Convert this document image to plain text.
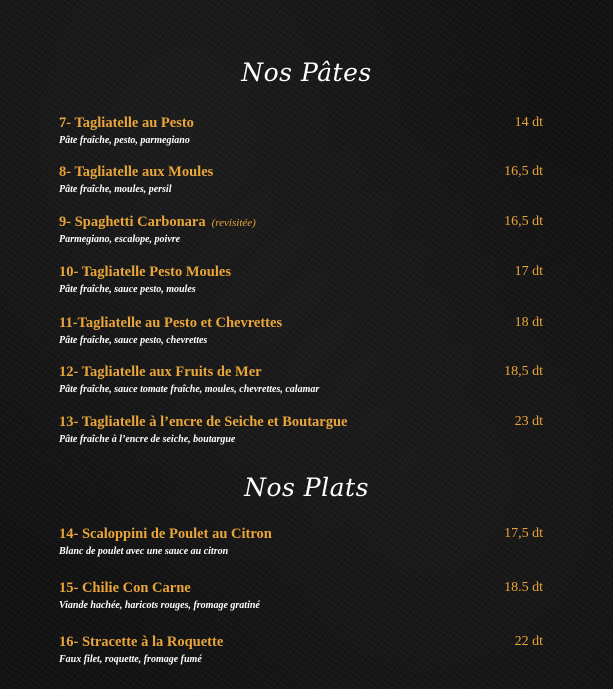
Nos Pâtes
7- Tagliatelle au Pesto
Pâte fraîche, pesto, parmegiano
14 dt
8- Tagliatelle aux Moules
Pâte fraîche, moules, persil
16,5 dt
9- Spaghetti Carbonara (revisitée)
Parmegiano, escalope, poivre
16,5 dt
10- Tagliatelle Pesto Moules
Pâte fraîche, sauce pesto, moules
17 dt
11-Tagliatelle au Pesto et Chevrettes
Pâte fraîche, sauce pesto, chevrettes
18 dt
12- Tagliatelle aux Fruits de Mer
Pâte fraîche, sauce tomate fraîche, moules, chevrettes, calamar
18,5 dt
13- Tagliatelle à l’encre de Seiche et Boutargue
Pâte fraîche à l’encre de seiche, boutargue
23 dt
Nos Plats
14- Scaloppini de Poulet au Citron
Blanc de poulet avec une sauce au citron
17,5 dt
15- Chilie Con Carne
Viande hachée, haricots rouges, fromage gratiné
18.5 dt
16- Stracette à la Roquette
Faux filet, roquette, fromage fumé
22 dt
